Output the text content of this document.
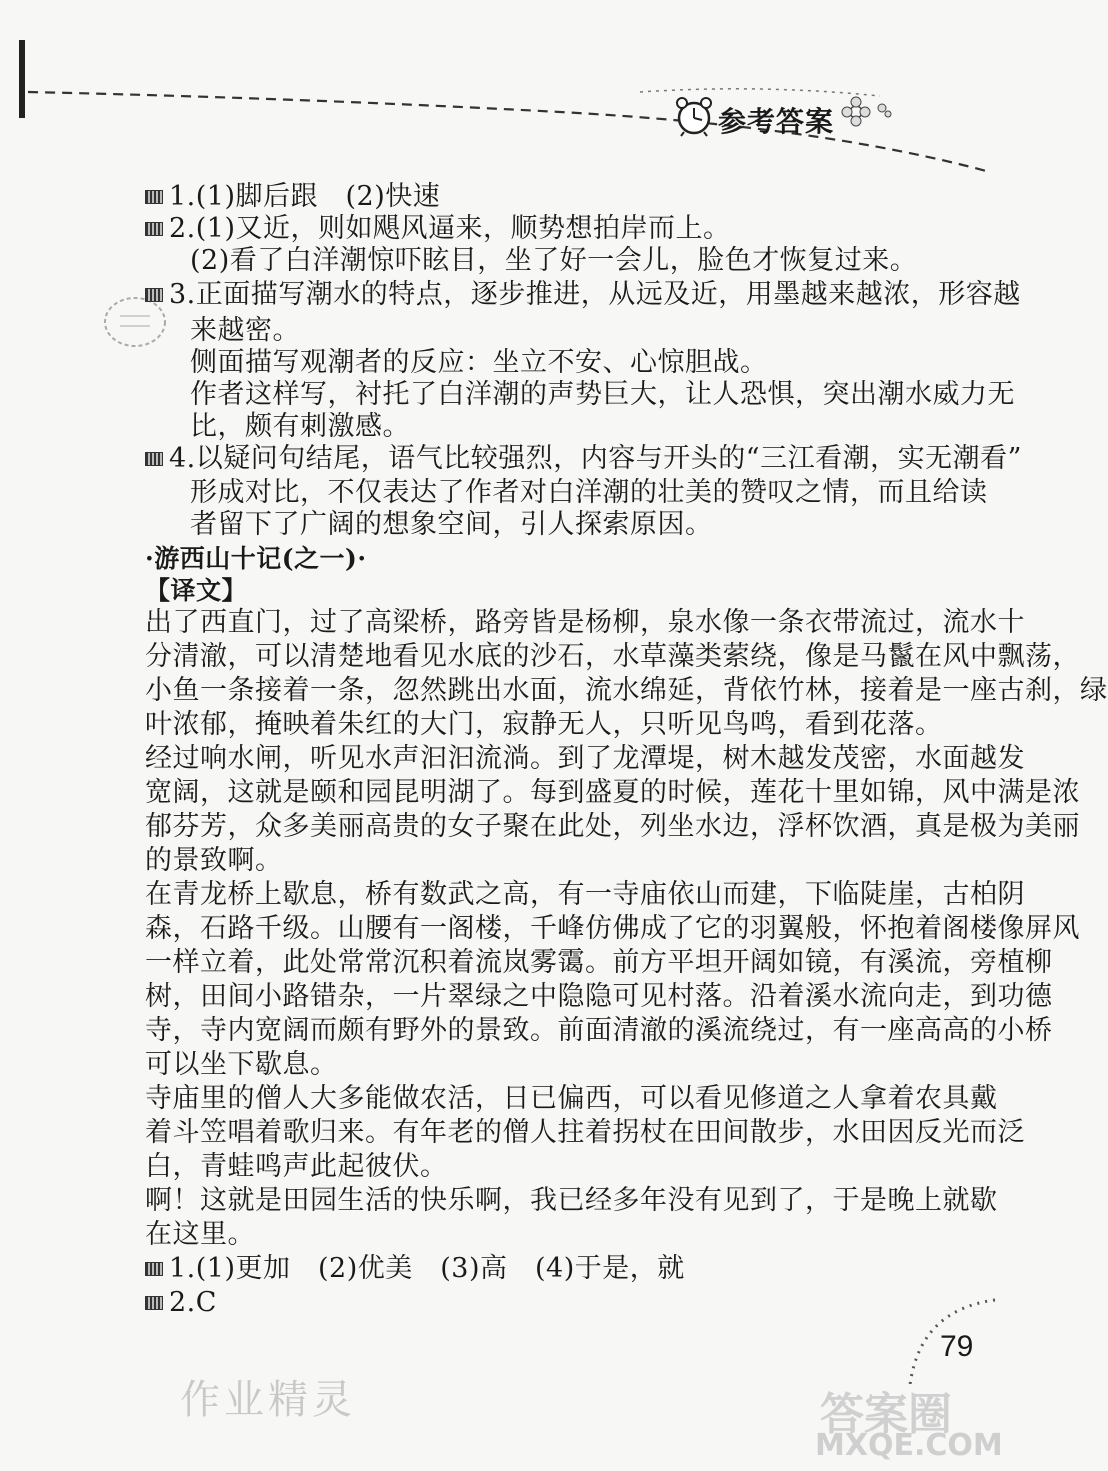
参考答案
1.(1)脚后跟　(2)快速
2.(1)又近，则如飓风逼来，顺势想拍岸而上。
(2)看了白洋潮惊吓眩目，坐了好一会儿，脸色才恢复过来。
3.正面描写潮水的特点，逐步推进，从远及近，用墨越来越浓，形容越
来越密。
侧面描写观潮者的反应：坐立不安、心惊胆战。
作者这样写，衬托了白洋潮的声势巨大，让人恐惧，突出潮水威力无
比，颇有刺激感。
4.以疑问句结尾，语气比较强烈，内容与开头的“三江看潮，实无潮看”
形成对比，不仅表达了作者对白洋潮的壮美的赞叹之情，而且给读
者留下了广阔的想象空间，引人探索原因。
·游西山十记(之一)·
【译文】
出了西直门，过了高梁桥，路旁皆是杨柳，泉水像一条衣带流过，流水十
分清澈，可以清楚地看见水底的沙石，水草藻类萦绕，像是马鬣在风中飘荡，
小鱼一条接着一条，忽然跳出水面，流水绵延，背依竹林，接着是一座古刹，绿
叶浓郁，掩映着朱红的大门，寂静无人，只听见鸟鸣，看到花落。
经过响水闸，听见水声汩汩流淌。到了龙潭堤，树木越发茂密，水面越发
宽阔，这就是颐和园昆明湖了。每到盛夏的时候，莲花十里如锦，风中满是浓
郁芬芳，众多美丽高贵的女子聚在此处，列坐水边，浮杯饮酒，真是极为美丽
的景致啊。
在青龙桥上歇息，桥有数武之高，有一寺庙依山而建，下临陡崖，古柏阴
森，石路千级。山腰有一阁楼，千峰仿佛成了它的羽翼般，怀抱着阁楼像屏风
一样立着，此处常常沉积着流岚雾霭。前方平坦开阔如镜，有溪流，旁植柳
树，田间小路错杂，一片翠绿之中隐隐可见村落。沿着溪水流向走，到功德
寺，寺内宽阔而颇有野外的景致。前面清澈的溪流绕过，有一座高高的小桥
可以坐下歇息。
寺庙里的僧人大多能做农活，日已偏西，可以看见修道之人拿着农具戴
着斗笠唱着歌归来。有年老的僧人拄着拐杖在田间散步，水田因反光而泛
白，青蛙鸣声此起彼伏。
啊！这就是田园生活的快乐啊，我已经多年没有见到了，于是晚上就歇
在这里。
1.(1)更加　(2)优美　(3)高　(4)于是，就
2.C
79
作业精灵	答案圈
MXQE.COM
